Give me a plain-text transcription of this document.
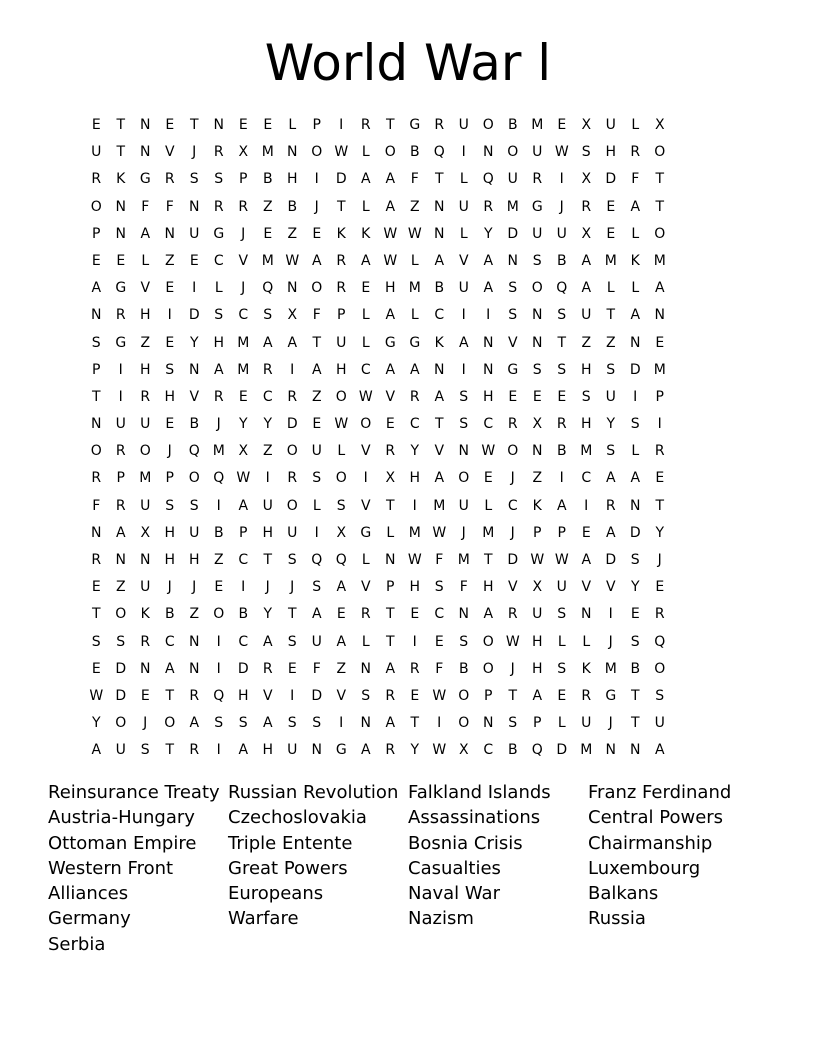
World War l
E	T	N	E	T	N	E	E	L	P	I	R	T	G	R	U O	B M	E	X	U	L	X
U	T	N	V	J	R	X M N O W L	O	B	Q	I	N O U W S	H	R	O
R	K	G	R	S	S	P	B	H	I	D	A	A	F	T	L	Q U	R	I	X	D	F	T
O N	F	F	N	R	R	Z	B	J	T	L	A	Z	N	U	R M G	J	R	E	A	T
P	N	A	N	U G	J	E	Z	E	K	K W W N	L	Y	D U	U	X	E	L	O
E	E	L	Z	E	C	V M W A	R	A W L	A	V	A	N	S	B	A M K M
A	G	V	E	I	L	J	Q N O	R	E	H M B	U	A	S	O Q	A	L	L	A
N	R	H	I	D	S	C	S	X	F	P	L	A	L	C	I	I	S	N	S	U	T	A	N
S	G	Z	E	Y	H M A	A	T	U	L	G G	K	A	N	V	N	T	Z	Z	N	E
P	I	H	S	N	A M R	I	A	H	C	A	A	N	I	N G	S	S	H	S	D M
T	I	R	H	V	R	E	C	R	Z	O W V	R	A	S	H	E	E	E	S	U	I	P
N	U	U	E	B	J	Y	Y	D	E W O	E	C	T	S	C	R	X	R	H	Y	S	I
O	R	O	J	Q M X	Z	O U	L	V	R	Y	V	N W O N	B M	S	L	R
R	P	M	P	O Q W	I	R	S	O	I	X	H	A	O	E	J	Z	I	C	A	A	E
F	R	U	S	S	I	A	U O	L	S	V	T	I	M U	L	C	K	A	I	R	N	T
N	A	X	H	U	B	P	H	U	I	X	G	L	M W	J	M	J	P	P	E	A	D	Y
R	N	N	H H	Z	C	T	S	Q Q	L	N W F	M	T	D W W A	D	S	J
E	Z	U	J	J	E	I	J	J	S	A	V	P	H	S	F	H	V	X	U	V	V	Y	E
T	O	K	B	Z	O	B	Y	T	A	E	R	T	E	C	N	A	R	U	S	N	I	E	R
S	S	R	C	N	I	C	A	S	U	A	L	T	I	E	S	O W H	L	L	J	S	Q
E	D N	A	N	I	D	R	E	F	Z	N	A	R	F	B	O	J	H	S	K M B	O
W D	E	T	R	Q H	V	I	D	V	S	R	E W O	P	T	A	E	R	G	T	S
Y	O	J	O	A	S	S	A	S	S	I	N	A	T	I	O N	S	P	L	U	J	T	U
A	U	S	T	R	I	A	H	U	N G	A	R	Y W X	C	B	Q D M N	N	A
Reinsurance Treaty
Austria-Hungary
Ottoman Empire
Western Front
Alliances
Germany
Serbia
Russian Revolution
Czechoslovakia
Triple Entente
Great Powers
Europeans
Warfare
Falkland Islands
Assassinations
Bosnia Crisis
Casualties
Naval War
Nazism
Franz Ferdinand
Central Powers
Chairmanship
Luxembourg
Balkans
Russia
